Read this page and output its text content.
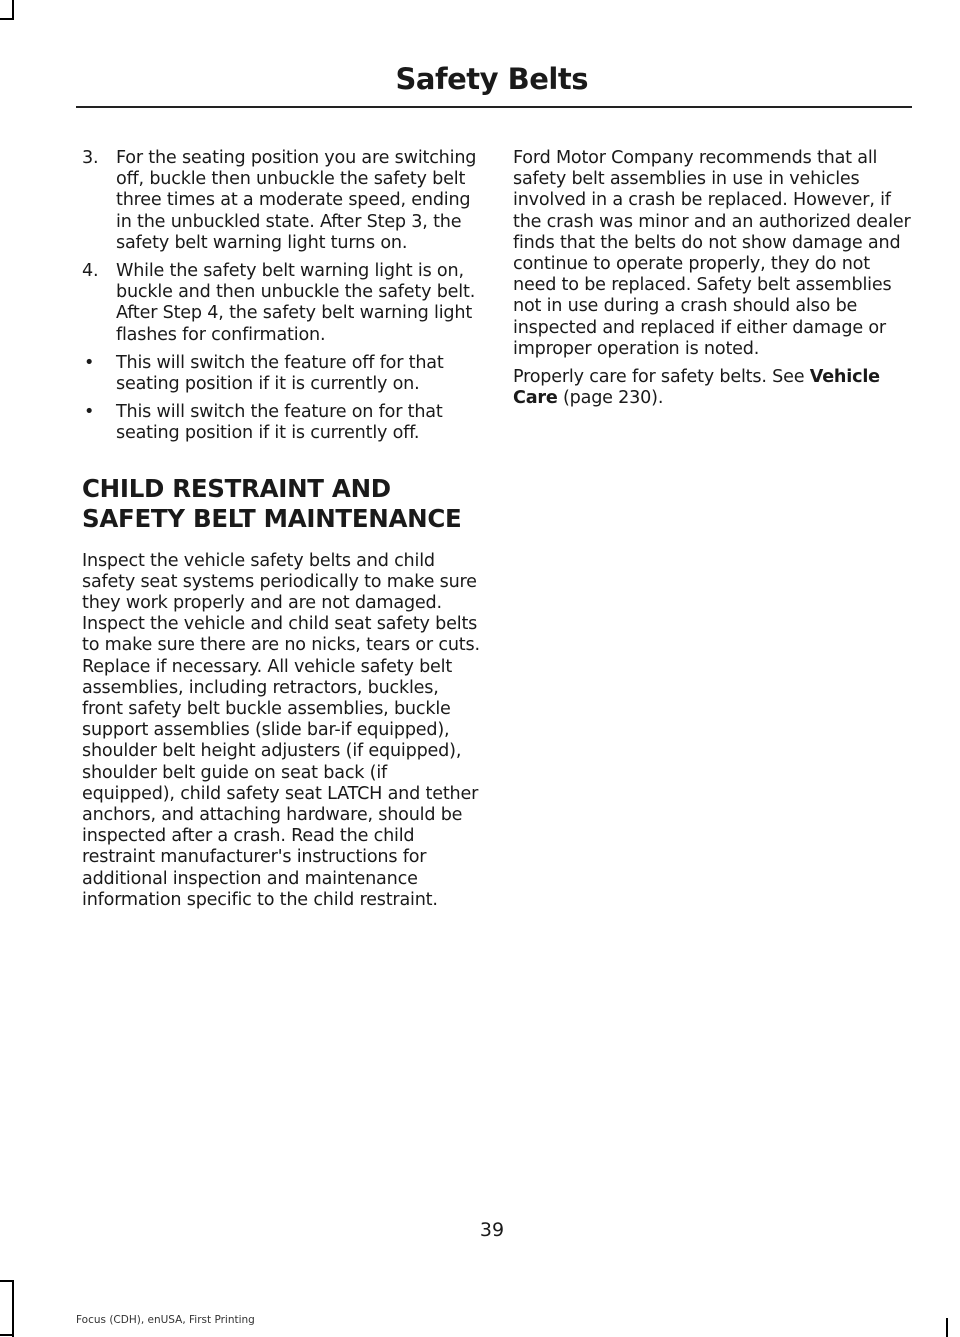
Safety Belts
3. For the seating position you are switching off, buckle then unbuckle the safety belt three times at a moderate speed, ending in the unbuckled state. After Step 3, the safety belt warning light turns on.
4. While the safety belt warning light is on, buckle and then unbuckle the safety belt. After Step 4, the safety belt warning light flashes for confirmation.
• This will switch the feature off for that seating position if it is currently on.
• This will switch the feature on for that seating position if it is currently off.
CHILD RESTRAINT AND
SAFETY BELT MAINTENANCE

Inspect the vehicle safety belts and child safety seat systems periodically to make sure they work properly and are not damaged. Inspect the vehicle and child seat safety belts to make sure there are no nicks, tears or cuts. Replace if necessary. All vehicle safety belt assemblies, including retractors, buckles, front safety belt buckle assemblies, buckle support assemblies (slide bar-if equipped), shoulder belt height adjusters (if equipped), shoulder belt guide on seat back (if equipped), child safety seat LATCH and tether anchors, and attaching hardware, should be inspected after a crash. Read the child restraint manufacturer's instructions for additional inspection and maintenance information specific to the child restraint.

Ford Motor Company recommends that all safety belt assemblies in use in vehicles involved in a crash be replaced. However, if the crash was minor and an authorized dealer finds that the belts do not show damage and continue to operate properly, they do not need to be replaced. Safety belt assemblies not in use during a crash should also be inspected and replaced if either damage or improper operation is noted.

Properly care for safety belts. See Vehicle Care (page 230).

39
Focus (CDH), enUSA, First Printing
